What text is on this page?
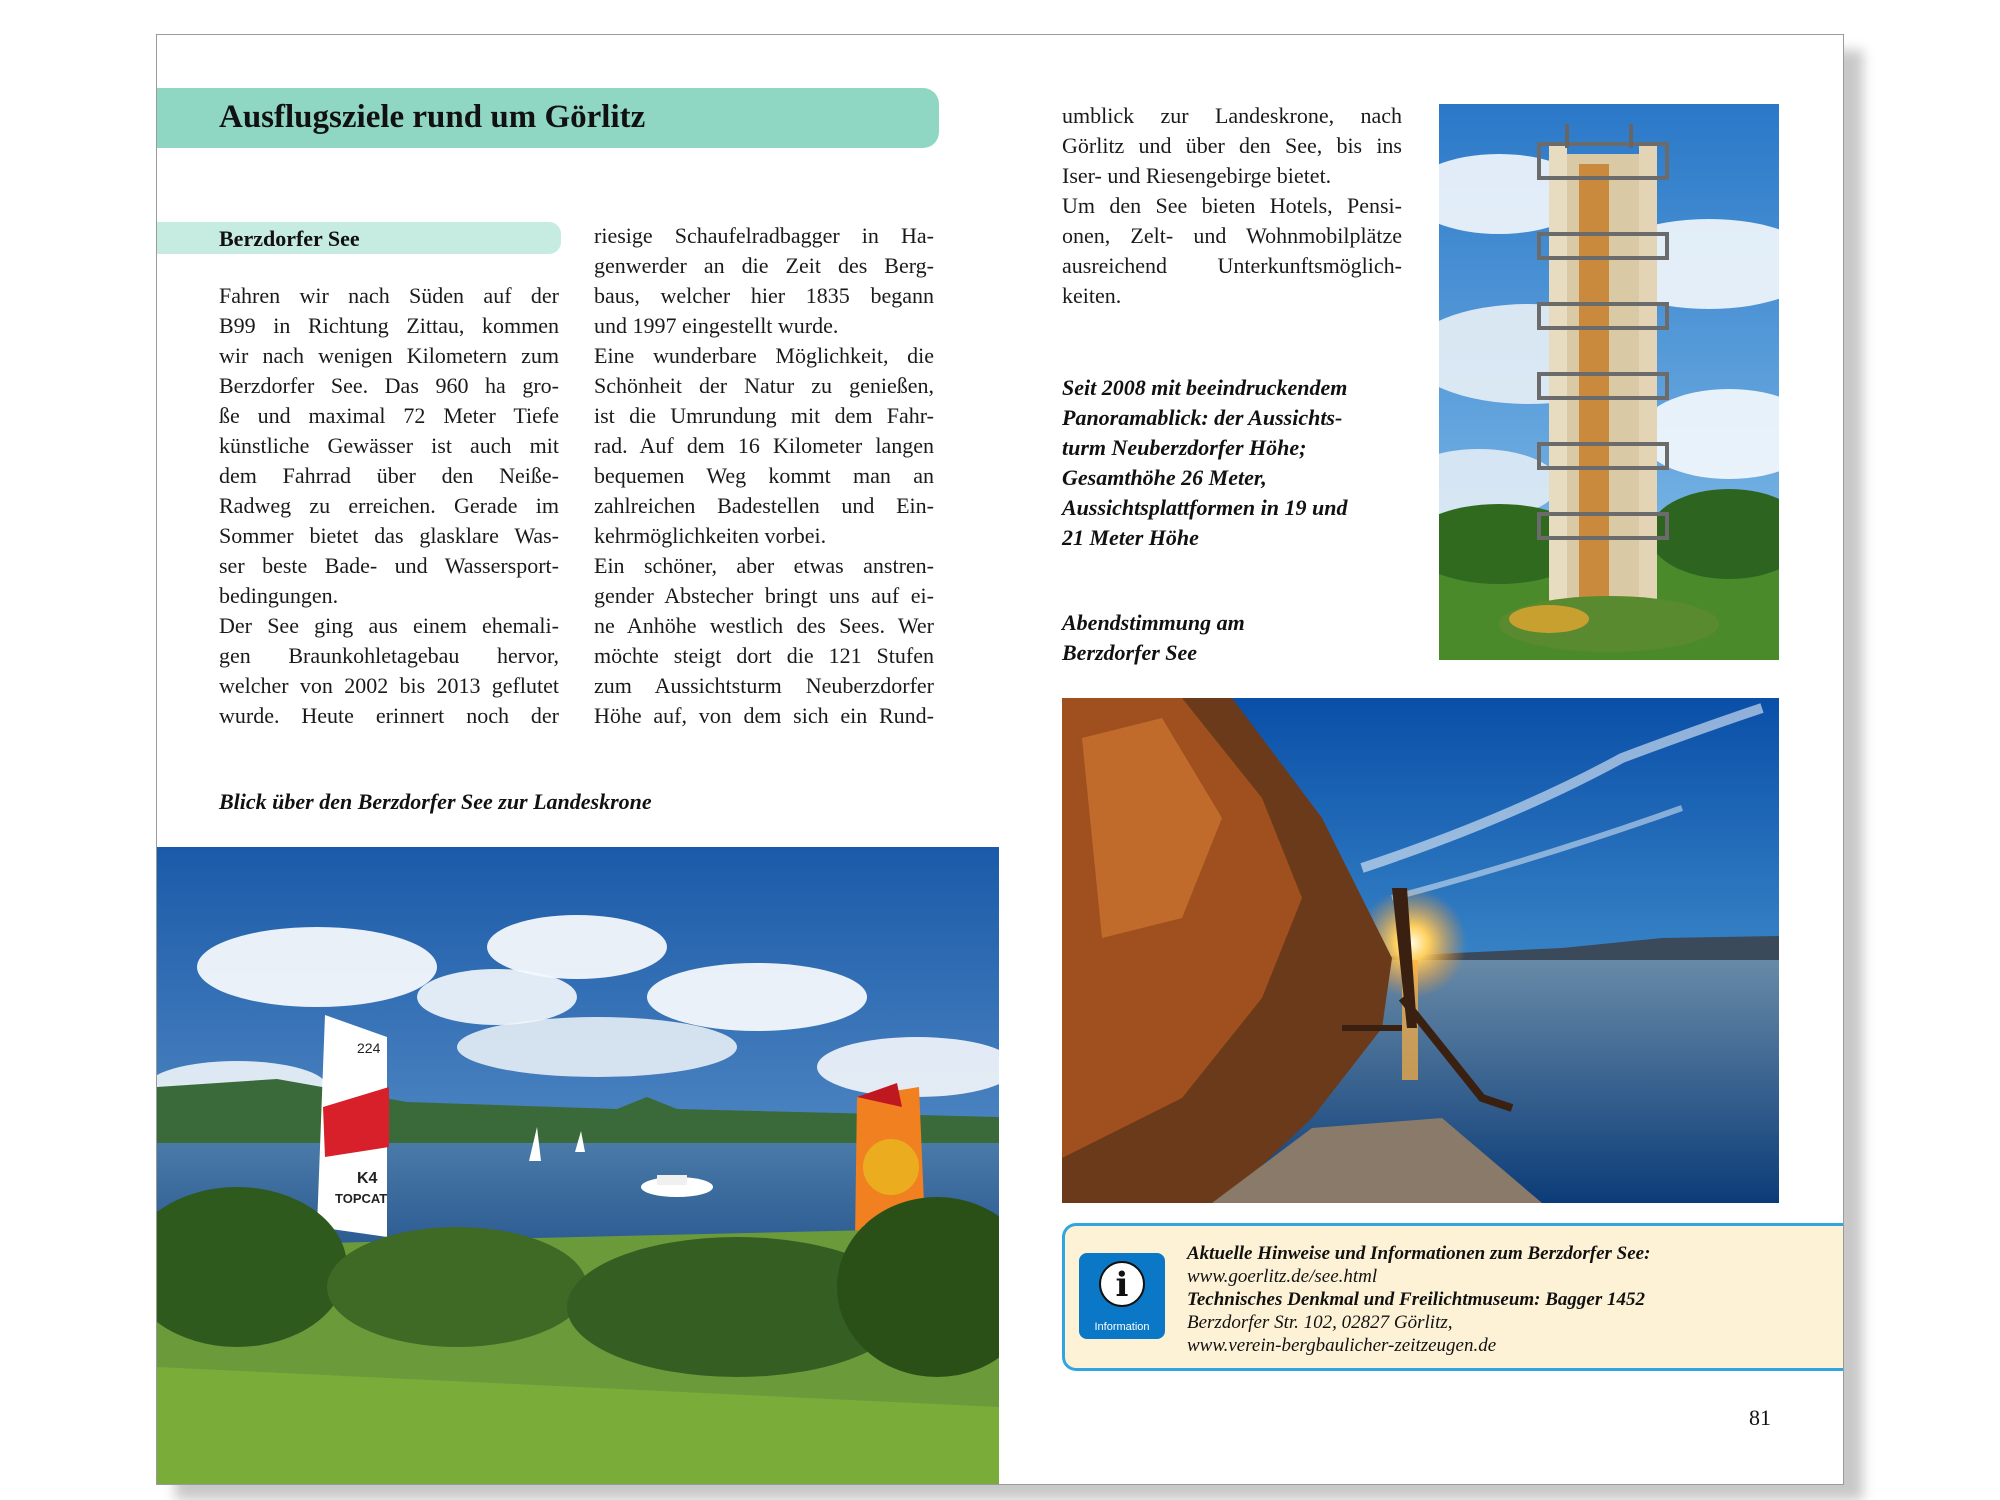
Ausflugsziele rund um Görlitz
Berzdorfer See

Fahren wir nach Süden auf der

B99 in Richtung Zittau, kommen

wir nach wenigen Kilometern zum

Berzdorfer See. Das 960 ha gro-

ße und maximal 72 Meter Tiefe

künstliche Gewässer ist auch mit

dem Fahrrad über den Neiße-

Radweg zu erreichen. Gerade im

Sommer bietet das glasklare Was-

ser beste Bade- und Wassersport-

bedingungen.

Der See ging aus einem ehemali-

gen Braunkohletagebau hervor,

welcher von 2002 bis 2013 geflutet

wurde. Heute erinnert noch der

riesige Schaufelradbagger in Ha-

genwerder an die Zeit des Berg-

baus, welcher hier 1835 begann

und 1997 eingestellt wurde.

Eine wunderbare Möglichkeit, die

Schönheit der Natur zu genießen,

ist die Umrundung mit dem Fahr-

rad. Auf dem 16 Kilometer langen

bequemen Weg kommt man an

zahlreichen Badestellen und Ein-

kehrmöglichkeiten vorbei.

Ein schöner, aber etwas anstren-

gender Abstecher bringt uns auf ei-

ne Anhöhe westlich des Sees. Wer

möchte steigt dort die 121 Stufen

zum Aussichtsturm Neuberzdorfer

Höhe auf, von dem sich ein Rund-

umblick zur Landeskrone, nach

Görlitz und über den See, bis ins

Iser- und Riesengebirge bietet.

Um den See bieten Hotels, Pensi-

onen, Zelt- und Wohnmobilplätze

ausreichend Unterkunftsmöglich-

keiten.

Seit 2008 mit beeindruckendem
Panoramablick: der Aussichts-
turm Neuberzdorfer Höhe;
Gesamthöhe 26 Meter,
Aussichtsplattformen in 19 und
21 Meter Höhe
Abendstimmung am
Berzdorfer See
Blick über den Berzdorfer See zur Landeskrone
224
TOPCAT
K4
i
Information
Aktuelle Hinweise und Informationen zum Berzdorfer See:
www.goerlitz.de/see.html
Technisches Denkmal und Freilichtmuseum: Bagger 1452
Berzdorfer Str. 102, 02827 Görlitz,
www.verein-bergbaulicher-zeitzeugen.de
81
